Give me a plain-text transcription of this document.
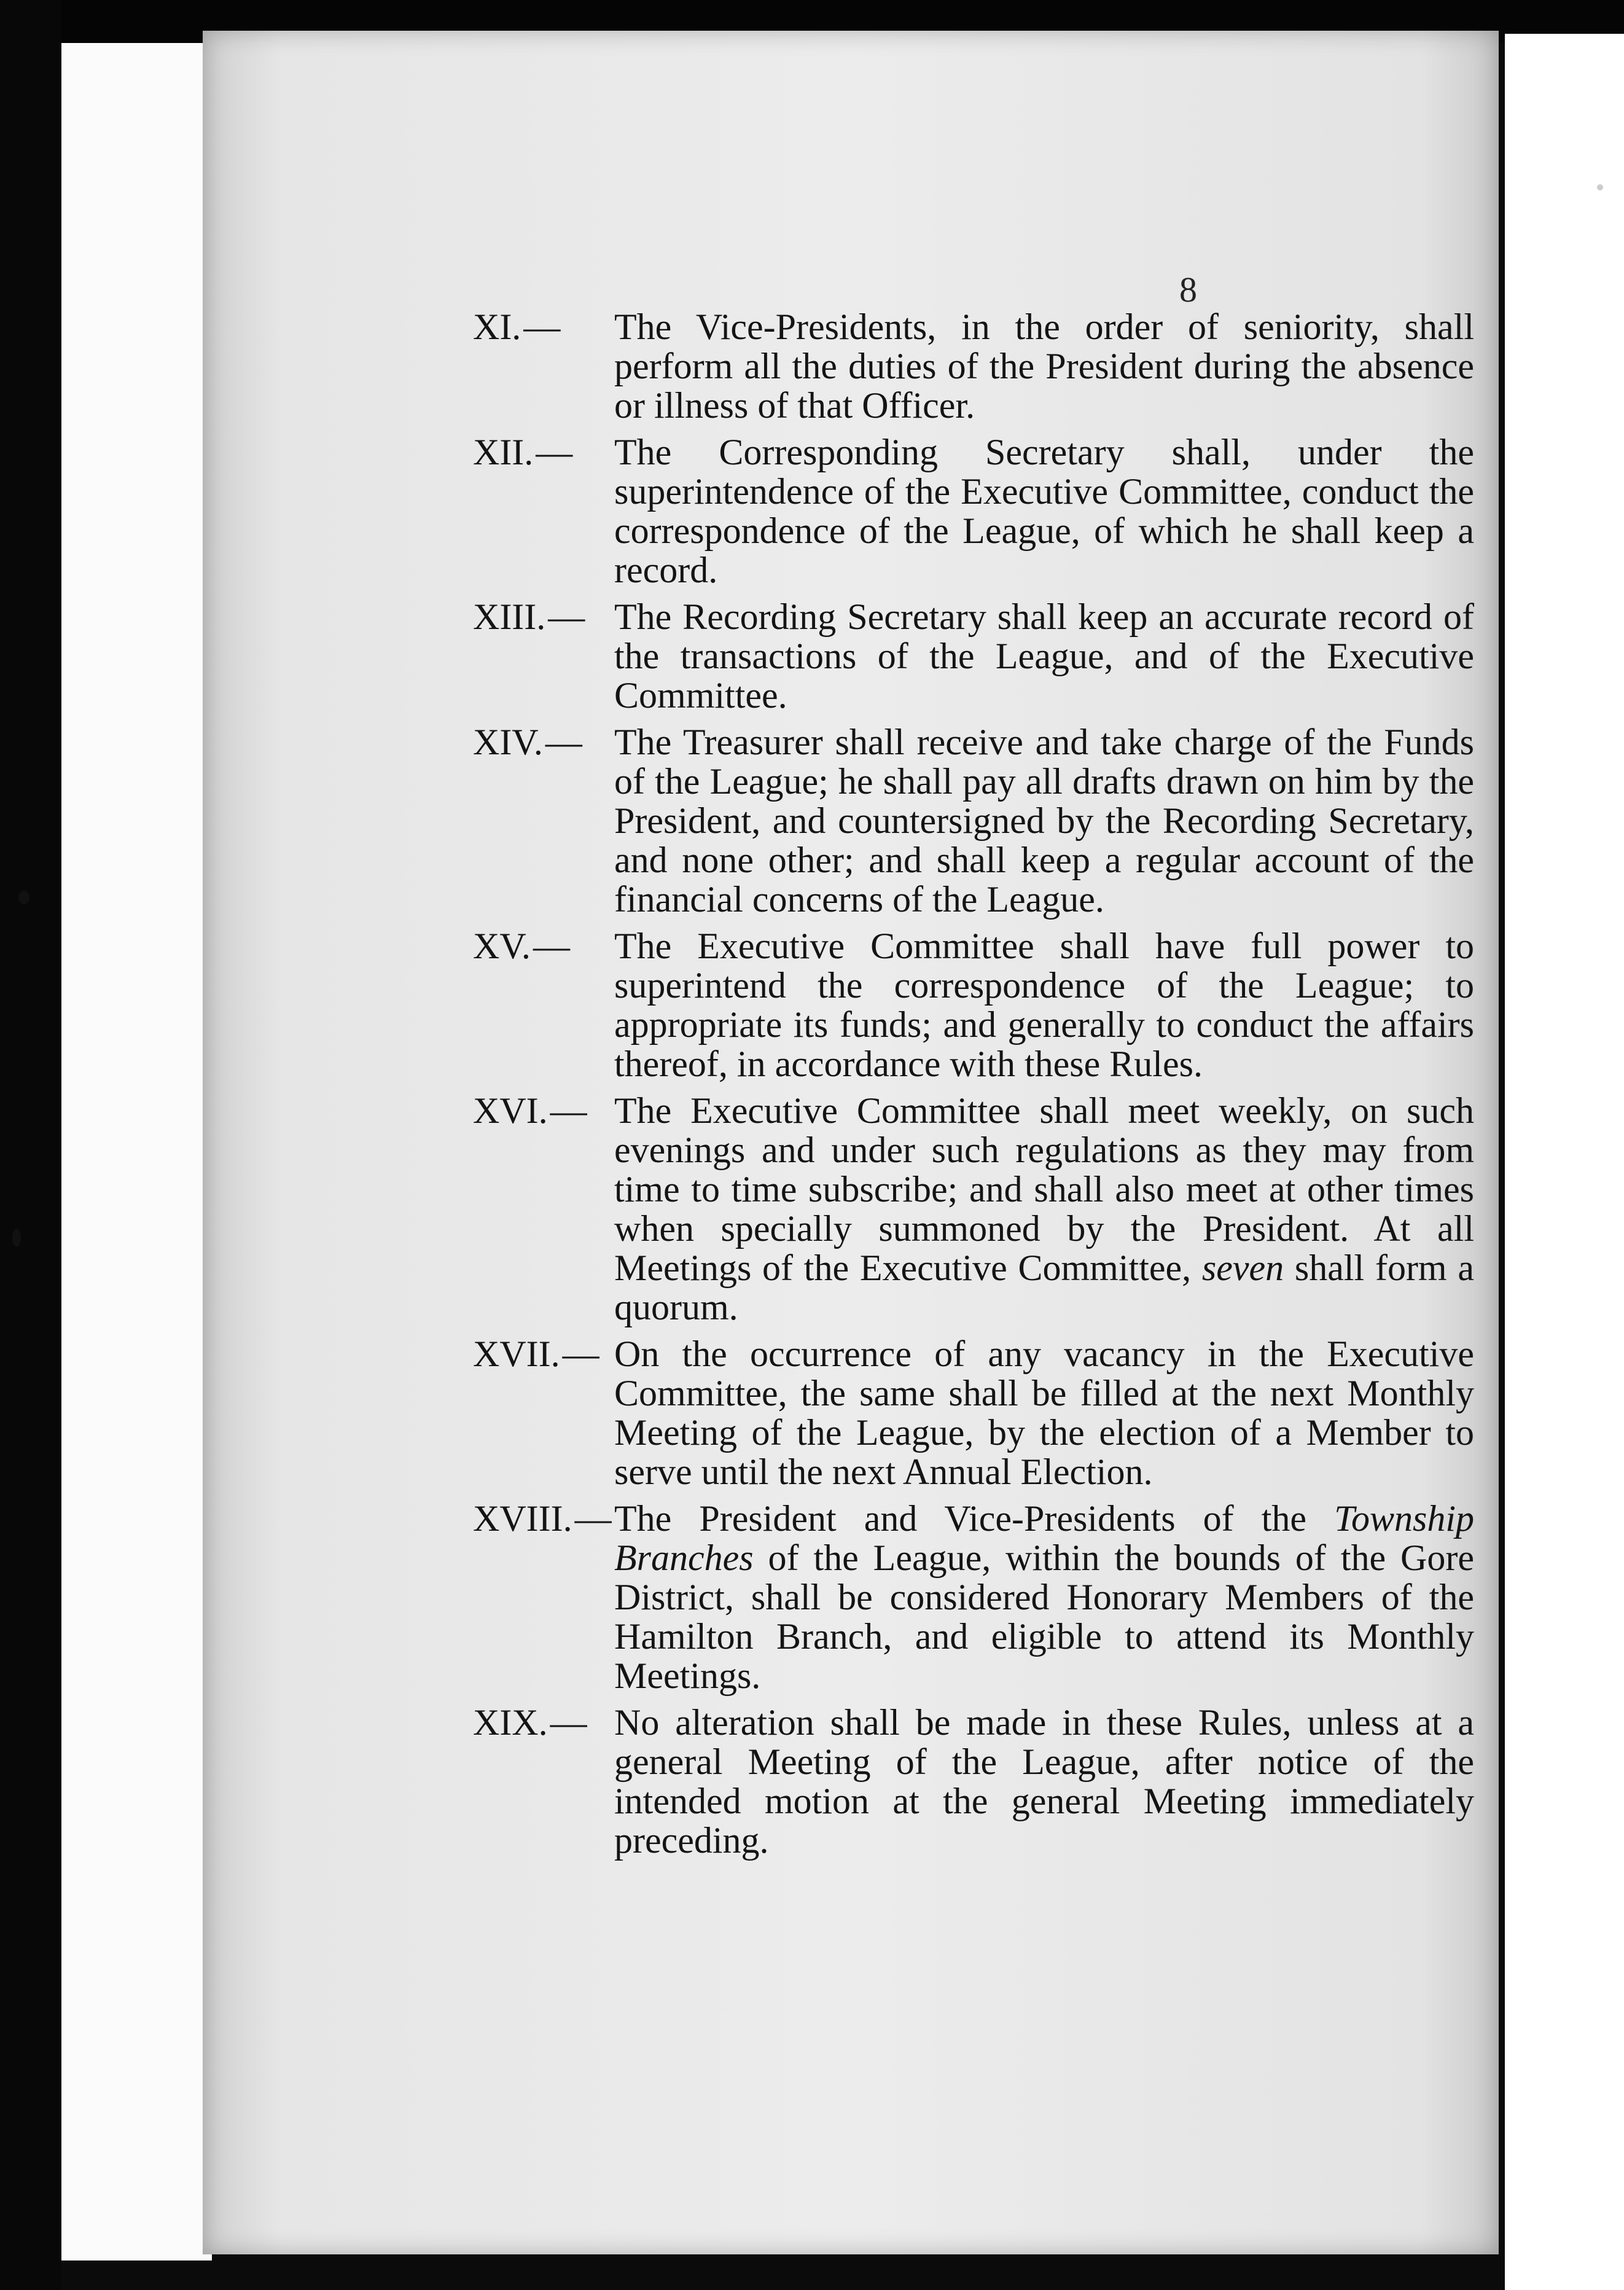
8
XI.—	The Vice-Presidents, in the order of seniority, shall perform all the duties of the President during the absence or illness of that Officer.
XII.—	The Corresponding Secretary shall, under the superintendence of the Executive Committee, conduct the correspondence of the League, of which he shall keep a record.
XIII.— The Recording Secretary shall keep an accurate record of the transactions of the League, and of the Executive Committee.
XIV.— The Treasurer shall receive and take charge of the Funds of the League; he shall pay all drafts drawn on him by the President, and countersigned by the Recording Secretary, and none other; and shall keep a regular account of the financial concerns of the League.
XV.—	The Executive Committee shall have full power to superintend the correspondence of the League; to appropriate its funds; and generally to conduct the affairs thereof, in accordance with these Rules.
XVI.— The Executive Committee shall meet weekly, on such evenings and under such regulations as they may from time to time subscribe; and shall also meet at other times when specially summoned by the President. At all Meetings of the Executive Committee, seven shall form a quorum.
XVII.— On the occurrence of any vacancy in the Executive Committee, the same shall be filled at the next Monthly Meeting of the League, by the election of a Member to serve until the next Annual Election.
XVIII.— The President and Vice-Presidents of the Township Branches of the League, within the bounds of the Gore District, shall be considered Honorary Members of the Hamilton Branch, and eligible to attend its Monthly Meetings.
XIX.— No alteration shall be made in these Rules, unless at a general Meeting of the League, after notice of the intended motion at the general Meeting immediately preceding.
